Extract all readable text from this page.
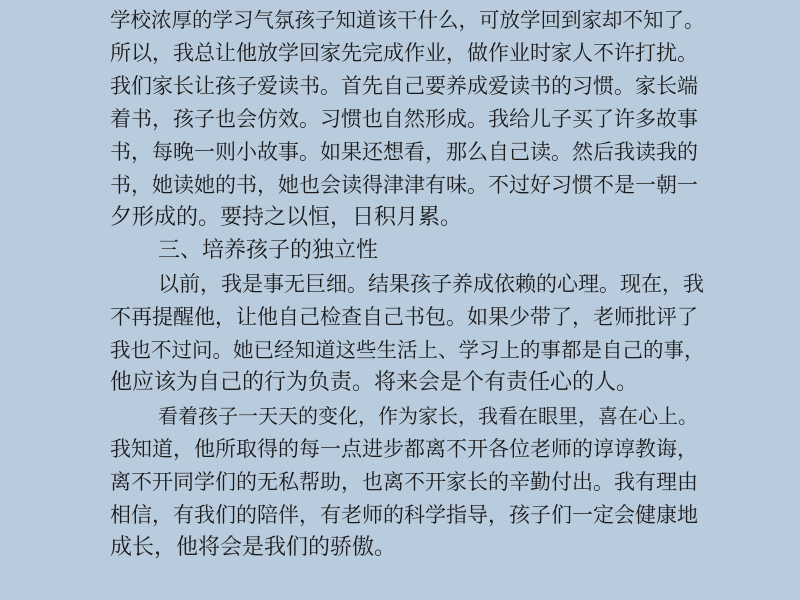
学校浓厚的学习气氛孩子知道该干什么，可放学回到家却不知了。
所以，我总让他放学回家先完成作业，做作业时家人不许打扰。
我们家长让孩子爱读书。首先自己要养成爱读书的习惯。家长端
着书，孩子也会仿效。习惯也自然形成。我给儿子买了许多故事
书，每晚一则小故事。如果还想看，那么自己读。然后我读我的
书，她读她的书，她也会读得津津有味。不过好习惯不是一朝一
夕形成的。要持之以恒，日积月累。
三、培养孩子的独立性
以前，我是事无巨细。结果孩子养成依赖的心理。现在，我
不再提醒他，让他自己检查自己书包。如果少带了，老师批评了
我也不过问。她已经知道这些生活上、学习上的事都是自己的事，
他应该为自己的行为负责。将来会是个有责任心的人。
看着孩子一天天的变化，作为家长，我看在眼里，喜在心上。
我知道，他所取得的每一点进步都离不开各位老师的谆谆教诲，
离不开同学们的无私帮助，也离不开家长的辛勤付出。我有理由
相信，有我们的陪伴，有老师的科学指导，孩子们一定会健康地
成长，他将会是我们的骄傲。
